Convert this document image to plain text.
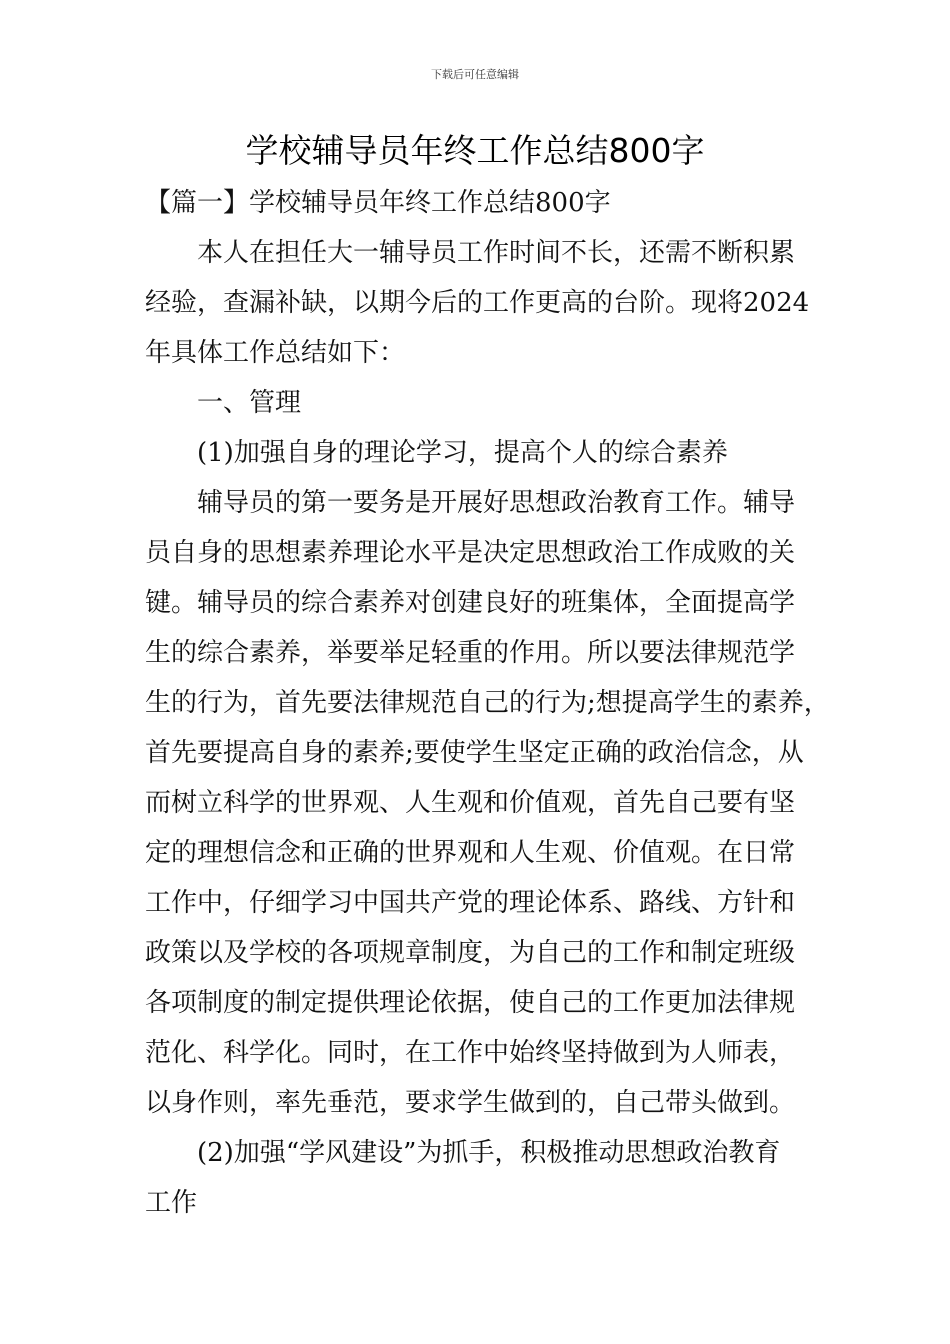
下载后可任意编辑
学校辅导员年终工作总结800字
【篇一】学校辅导员年终工作总结800字
本人在担任大一辅导员工作时间不长，还需不断积累
经验，查漏补缺，以期今后的工作更高的台阶。现将2024
年具体工作总结如下：
一、管理
(1)加强自身的理论学习，提高个人的综合素养
辅导员的第一要务是开展好思想政治教育工作。辅导
员自身的思想素养理论水平是决定思想政治工作成败的关
键。辅导员的综合素养对创建良好的班集体，全面提高学
生的综合素养，举要举足轻重的作用。所以要法律规范学
生的行为，首先要法律规范自己的行为;想提高学生的素养，
首先要提高自身的素养;要使学生坚定正确的政治信念，从
而树立科学的世界观、人生观和价值观，首先自己要有坚
定的理想信念和正确的世界观和人生观、价值观。在日常
工作中，仔细学习中国共产党的理论体系、路线、方针和
政策以及学校的各项规章制度，为自己的工作和制定班级
各项制度的制定提供理论依据，使自己的工作更加法律规
范化、科学化。同时，在工作中始终坚持做到为人师表，
以身作则，率先垂范，要求学生做到的，自己带头做到。
(2)加强“学风建设”为抓手，积极推动思想政治教育
工作
